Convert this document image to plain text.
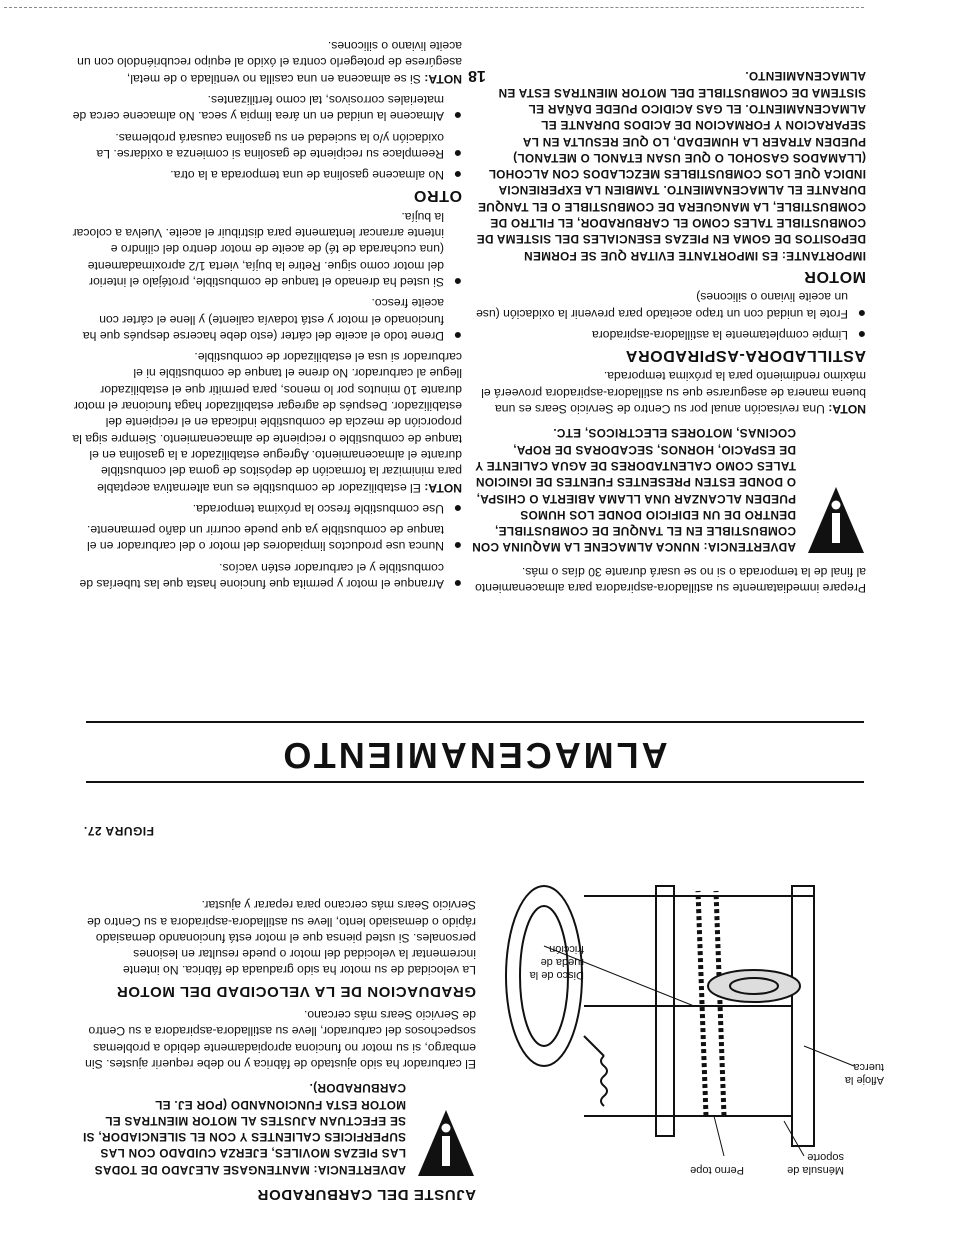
18

Prepare inmediatamente su astilladora-aspiradora para almacenamiento al final de la temporada o si no se usará durante 30 días o más.

ADVERTENCIA: NUNCA ALMACENE LA MAQUINA CON COMBUSTIBLE EN EL TANQUE DE COMBUSTIBLE, DENTRO DE UN EDIFICIO DONDE LOS HUMOS PUEDEN ALCANZAR UNA LLAMA ABIERTA O CHISPA, O DONDE ESTEN PRESENTES FUENTES DE IGNICION TALES COMO CALENTADORES DE AGUA CALIENTE Y DE ESPACIO, HORNOS, SECADORAS DE ROPA, COCINAS, MOTORES ELECTRICOS, ETC.

NOTA: Una revisación anual por su Centro de Servicio Sears es una buena manera de asegurarse que su astilladora-aspiradora proveerá el máximo rendimiento para la próxima temporada.

ASTILLADORA-ASPIRADORA
●
Limpie completamente la astilladora-aspiradora
●
Frote la unidad con un trapo aceitado para prevenir la oxidación (use un aceite liviano o silicones)
MOTOR
IMPORTANTE: ES IMPORTANTE EVITAR QUE SE FORMEN DEPOSITOS DE GOMA EN PIEZAS ESENCIALES DEL SISTEMA DE COMBUSTIBLE TALES COMO EL CARBURADOR, EL FILTRO DE COMBUSTIBLE, LA MANGUERA DE COMBUSTIBLE O EL TANQUE DURANTE EL ALMACENAMIENTO. TAMBIEN LA EXPERIENCIA INDICA QUE LOS COMBUSTIBLES MEZCLADOS CON ALCOHOL (LLAMADOS GASOHOL O QUE USAN ETANOL O METANOL) PUEDEN ATRAER LA HUMEDAD, LO QUE RESULTA EN LA SEPARACION Y FORMACION DE ACIDOS DURANTE EL ALMACENAMIENTO. EL GAS ACIDICO PUEDE DAÑAR EL SISTEMA DE COMBUSTIBLE DEL MOTOR MIENTRAS ESTA EN ALMACENAMIENTO.
●
Arranque el motor y permita que funcione hasta que las tuberías de combustible y el carburador estén vacíos.
●
Nunca use productos limpiadores del motor o del carburador en el tanque de combustible ya que puede ocurrir un daño permanente.
●
Use combustible fresco la próxima temporada.

NOTA: El estabilizador de combustible es una alternativa aceptable para minimizar la formación de depósitos de goma del combustible durante el almacenamiento. Agregue estabilizador a la gasolina en el tanque de combustible o recipiente de almacenamiento. Siempre siga la proporción de mezcla de combustible indicada en el recipiente del estabilizador. Después de agregar estabilizador haga funcionar el motor durante 10 minutos por lo menos, para permitir que el estabilizador llegue al carburador. No drene el tanque de combustible ni el carburador si usa el estabilizador de combustible.

●
Drene todo el aceite del cárter (esto debe hacerse después que ha funcionado el motor y está todavía caliente) y llene el cárter con aceite fresco.
●
Si usted ha drenado el tanque de combustible, protéjalo el interior del motor como sigue. Retire la bujía, vierta 1/2 aproximadamente (una cucharada de té) de aceite de motor dentro del cilindro e intente arrancar lentamente para distribuir el aceite. Vuelva a colocar la bujía.
OTRO
●
No almacene gasolina de una temporada a la otra.
●
Reemplace su recipiente de gasolina si comienza a oxidarse. La oxidación y/o la suciedad en su gasolina causará problemas.
●
Almacene la unidad en un área limpia y seca. No almacene cerca de materiales corrosivos, tal como fertilizantes.

NOTA: Si se almacena en una casilla no ventilada o de metal, asegúrese de protegerlo contra el óxido al equipo recubriéndolo con un aceite liviano o silicones.

ALMACENAMIENTO
AJUSTE DEL CARBURADOR
ADVERTENCIA: MANTENGASE ALEJADO DE TODAS LAS PIEZAS MOVILES, EJERZA CUIDADO CON LAS SUPERFICIES CALIENTES Y CON EL SILENCIADOR, SI SE EFECTUAN AJUSTES AL MOTOR MIENTRAS EL MOTOR ESTA FUNCIONANDO (POR EJ. EL CARBURADOR).

El carburador ha sido ajustado de fábrica y no debe requerir ajustes. Sin embargo, si su motor no funciona apropiadamente debido a problemas sospechosos del carburador, lleve su astilladora-aspiradora a su Centro de Servicio Sears más cercano.

GRADUACION DE LA VELOCIDAD DEL MOTOR

La velocidad de su motor ha sido graduada de fábrica. No intente incrementar la velocidad del motor o puede resultar en lesiones personales. Si usted piensa que el motor está funcionando demasiado rápido o demasiado lento, lleve su astilladora-aspiradora a su Centro de Servicio Sears más cercano para reparar y ajustar.

Ménsula de soporte
Perno tope
Afloje la tuerca
Disco de la rueda de fricción
FIGURA 27.
